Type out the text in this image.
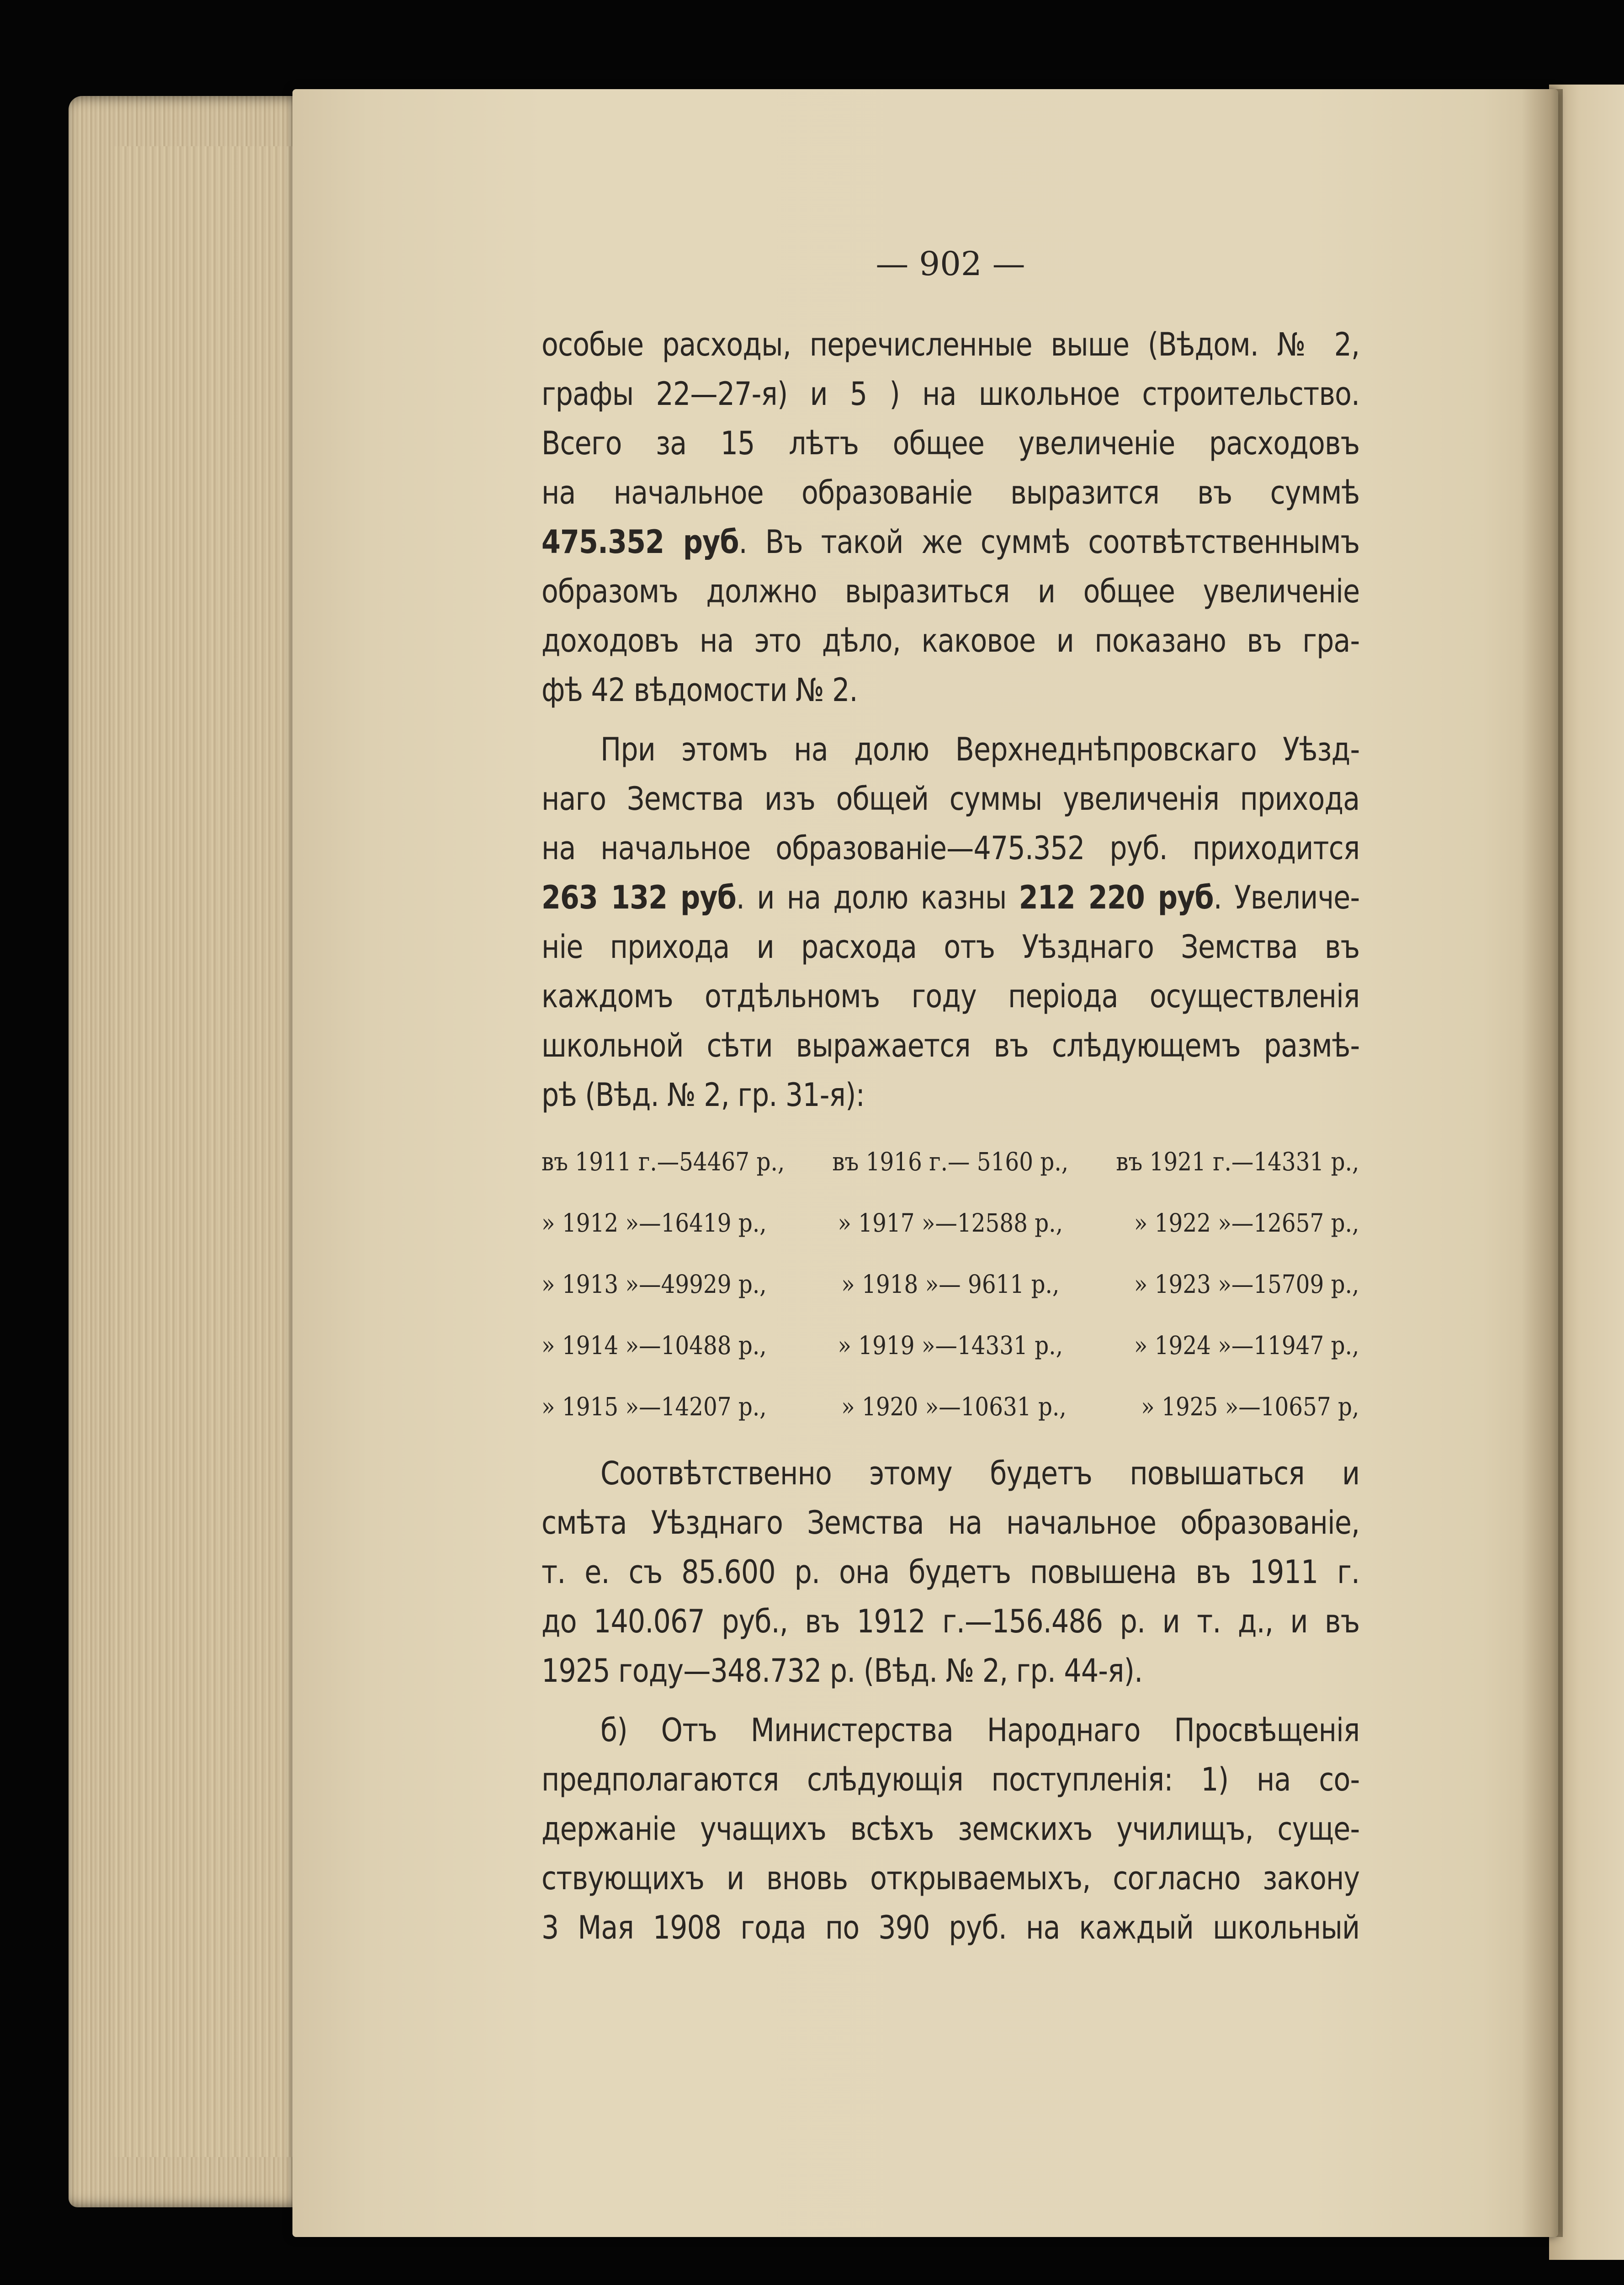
— 902 —
особые расходы, перечисленные выше (Вѣдом. № 2,
графы 22—27-я) и 5 ) на школьное строительство.
Всего за 15 лѣтъ общее увеличенiе расходовъ
на начальное образованiе выразится въ суммѣ
475.352 руб. Въ такой же суммѣ соотвѣтственнымъ
образомъ должно выразиться и общее увеличенiе
доходовъ на это дѣло, каковое и показано въ гра-
фѣ 42 вѣдомости № 2.
При этомъ на долю Верхнеднѣпровскаго Уѣзд-
наго Земства изъ общей суммы увеличенiя прихода
на начальное образованiе—475.352 руб. приходится
263 132 руб. и на долю казны 212 220 руб. Увеличе-
нiе прихода и расхода отъ Уѣзднаго Земства въ
каждомъ отдѣльномъ году перiода осуществленiя
школьной сѣти выражается въ слѣдующемъ размѣ-
рѣ (Вѣд. № 2, гр. 31-я):
въ 1911 г.—54467 р., въ 1916 г.— 5160 р., въ 1921 г.—14331 р.,
» 1912 »—16419 р.,	» 1917 »—12588 р.,	» 1922 »—12657 р.,
» 1913 »—49929 р.,	» 1918 »— 9611 р.,	» 1923 »—15709 р.,
» 1914 »—10488 р.,	» 1919 »—14331 р.,	» 1924 »—11947 р.,
» 1915 »—14207 р.,	» 1920 »—10631 р.,	» 1925 »—10657 р,
Соотвѣтственно этому будетъ повышаться и
смѣта Уѣзднаго Земства на начальное образованiе,
т. е. съ 85.600 р. она будетъ повышена въ 1911 г.
до 140.067 руб., въ 1912 г.—156.486 р. и т. д., и въ
1925 году—348.732 р. (Вѣд. № 2, гр. 44-я).
б) Отъ Министерства Народнаго Просвѣщенiя
предполагаются слѣдующiя поступленiя: 1) на со-
держанiе учащихъ всѣхъ земскихъ училищъ, суще-
ствующихъ и вновь открываемыхъ, согласно закону
3 Мая 1908 года по 390 руб. на каждый школьный
